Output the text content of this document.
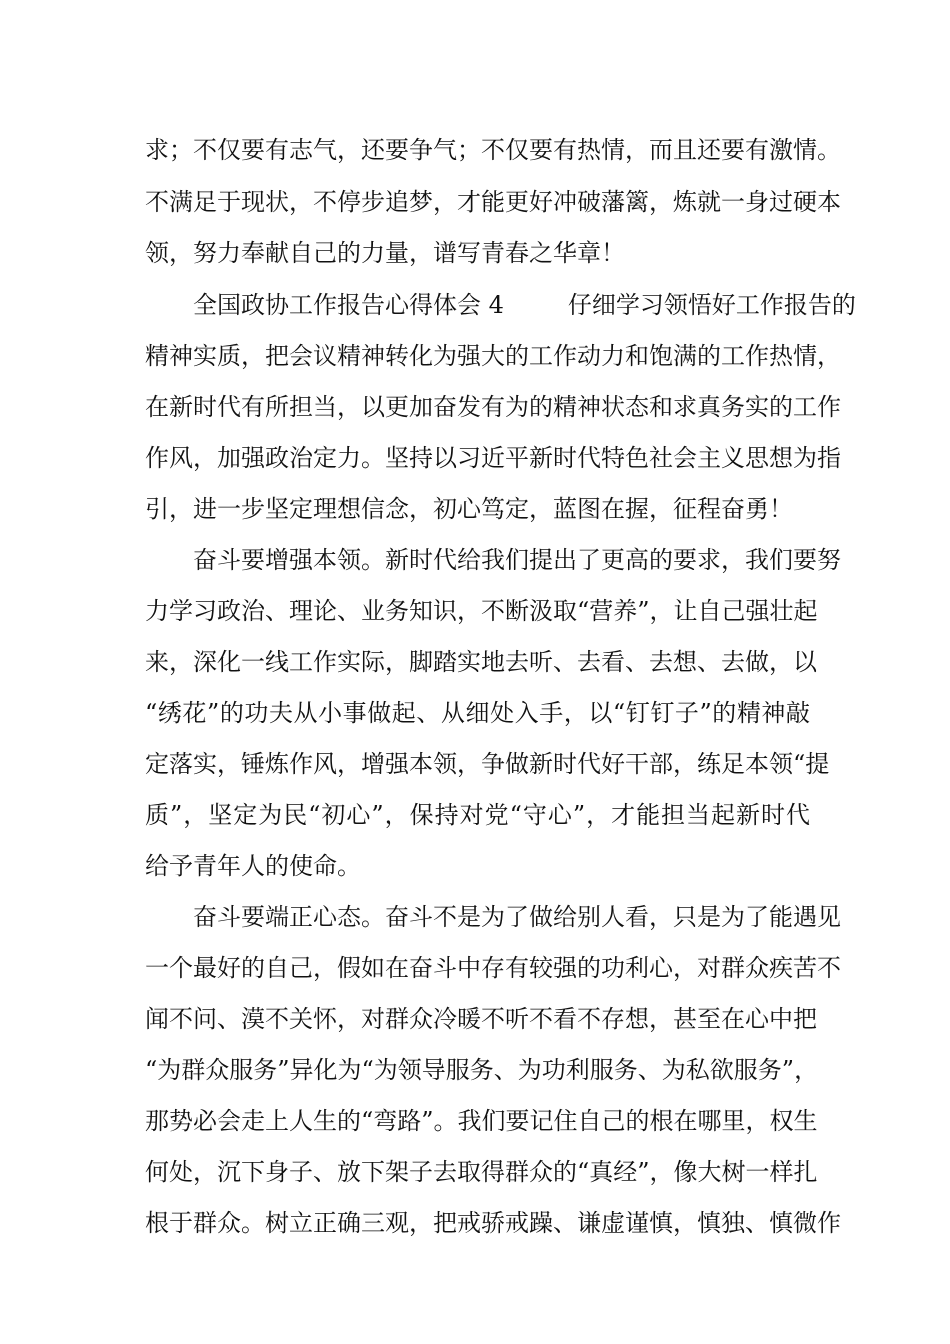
求；不仅要有志气，还要争气；不仅要有热情，而且还要有激情。
不满足于现状，不停步追梦，才能更好冲破藩篱，炼就一身过硬本
领，努力奉献自己的力量，谱写青春之华章！
全国政协工作报告心得体会 4	仔细学习领悟好工作报告的
精神实质，把会议精神转化为强大的工作动力和饱满的工作热情，
在新时代有所担当，以更加奋发有为的精神状态和求真务实的工作
作风，加强政治定力。坚持以习近平新时代特色社会主义思想为指
引，进一步坚定理想信念，初心笃定，蓝图在握，征程奋勇！
奋斗要增强本领。新时代给我们提出了更高的要求，我们要努
力学习政治、理论、业务知识，不断汲取“营养”，让自己强壮起
来，深化一线工作实际，脚踏实地去听、去看、去想、去做，以
“绣花”的功夫从小事做起、从细处入手，以“钉钉子”的精神敲
定落实，锤炼作风，增强本领，争做新时代好干部，练足本领“提
质”，坚定为民“初心”，保持对党“守心”，才能担当起新时代
给予青年人的使命。
奋斗要端正心态。奋斗不是为了做给别人看，只是为了能遇见
一个最好的自己，假如在奋斗中存有较强的功利心，对群众疾苦不
闻不问、漠不关怀，对群众冷暖不听不看不存想，甚至在心中把
“为群众服务”异化为“为领导服务、为功利服务、为私欲服务”，
那势必会走上人生的“弯路”。我们要记住自己的根在哪里，权生
何处，沉下身子、放下架子去取得群众的“真经”，像大树一样扎
根于群众。树立正确三观，把戒骄戒躁、谦虚谨慎，慎独、慎微作
